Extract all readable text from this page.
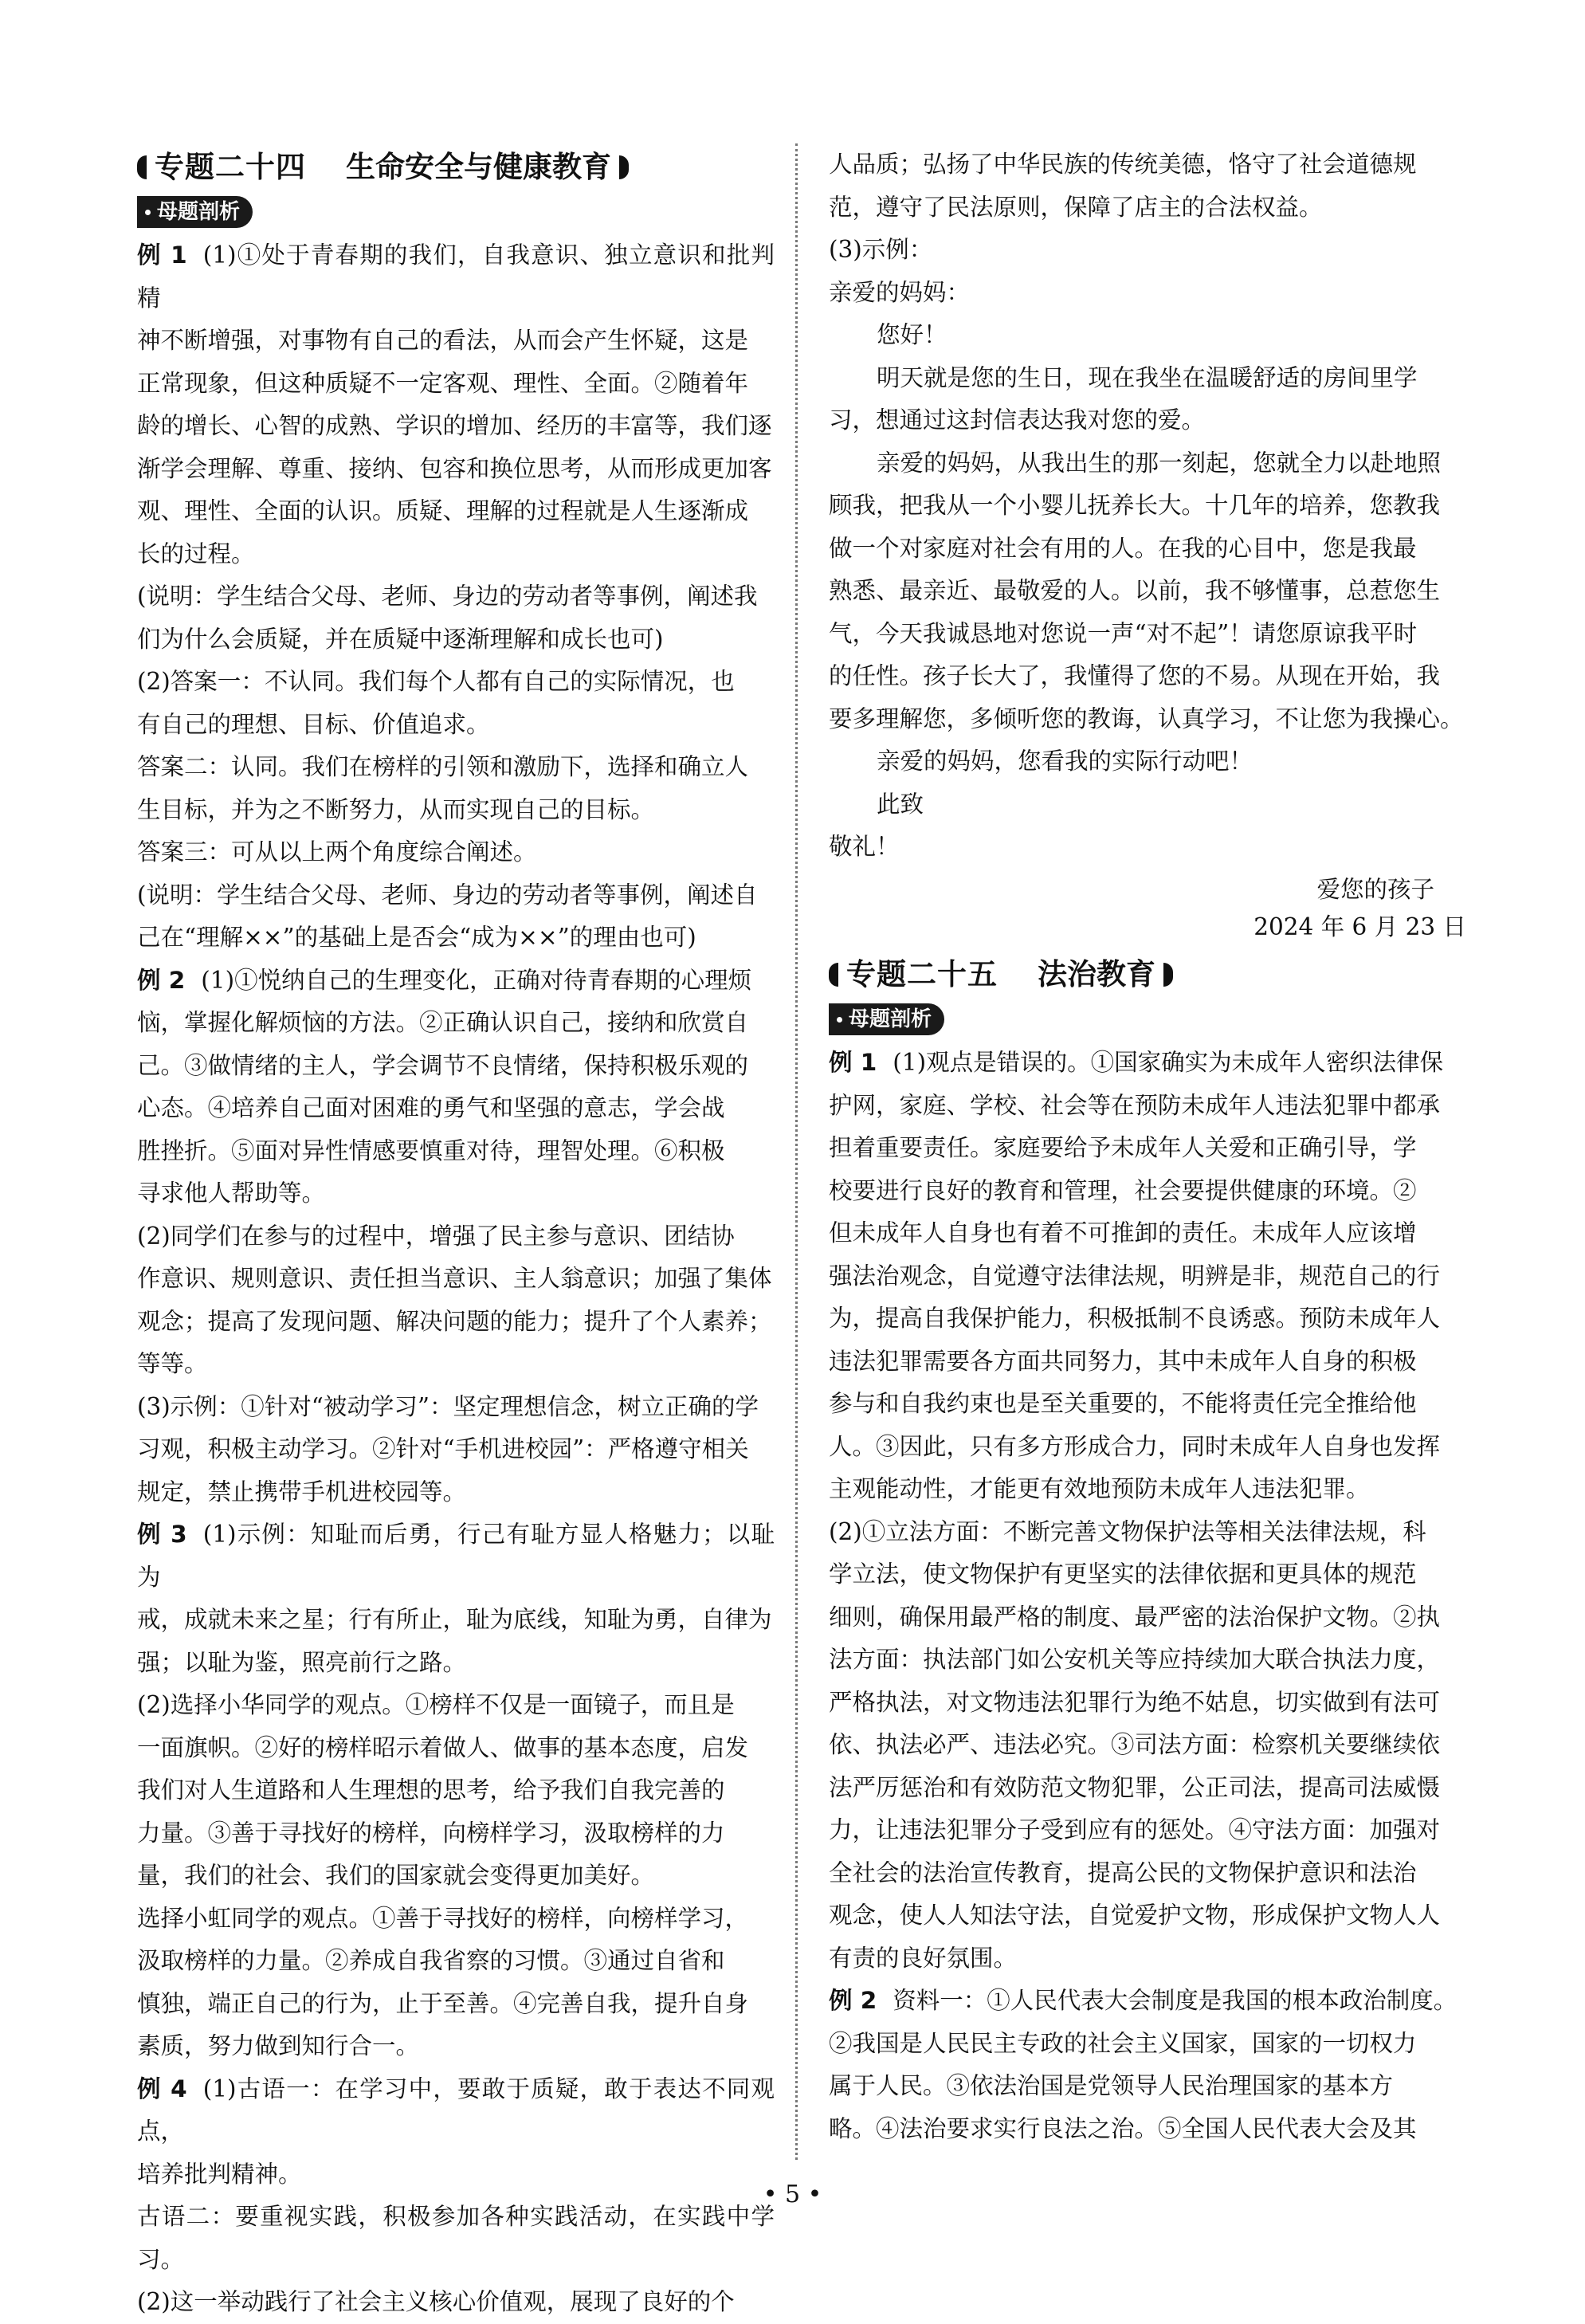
专题二十四 生命安全与健康教育
母题剖析

例 1 (1)①处于青春期的我们，自我意识、独立意识和批判精

神不断增强，对事物有自己的看法，从而会产生怀疑，这是

正常现象，但这种质疑不一定客观、理性、全面。②随着年

龄的增长、心智的成熟、学识的增加、经历的丰富等，我们逐

渐学会理解、尊重、接纳、包容和换位思考，从而形成更加客

观、理性、全面的认识。质疑、理解的过程就是人生逐渐成

长的过程。

(说明：学生结合父母、老师、身边的劳动者等事例，阐述我

们为什么会质疑，并在质疑中逐渐理解和成长也可)

(2)答案一：不认同。我们每个人都有自己的实际情况，也

有自己的理想、目标、价值追求。

答案二：认同。我们在榜样的引领和激励下，选择和确立人

生目标，并为之不断努力，从而实现自己的目标。

答案三：可从以上两个角度综合阐述。

(说明：学生结合父母、老师、身边的劳动者等事例，阐述自

己在“理解××”的基础上是否会“成为××”的理由也可)

例 2 (1)①悦纳自己的生理变化，正确对待青春期的心理烦

恼，掌握化解烦恼的方法。②正确认识自己，接纳和欣赏自

己。③做情绪的主人，学会调节不良情绪，保持积极乐观的

心态。④培养自己面对困难的勇气和坚强的意志，学会战

胜挫折。⑤面对异性情感要慎重对待，理智处理。⑥积极

寻求他人帮助等。

(2)同学们在参与的过程中，增强了民主参与意识、团结协

作意识、规则意识、责任担当意识、主人翁意识；加强了集体

观念；提高了发现问题、解决问题的能力；提升了个人素养；

等等。

(3)示例：①针对“被动学习”：坚定理想信念，树立正确的学

习观，积极主动学习。②针对“手机进校园”：严格遵守相关

规定，禁止携带手机进校园等。

例 3 (1)示例：知耻而后勇，行己有耻方显人格魅力；以耻为

戒，成就未来之星；行有所止，耻为底线，知耻为勇，自律为

强；以耻为鉴，照亮前行之路。

(2)选择小华同学的观点。①榜样不仅是一面镜子，而且是

一面旗帜。②好的榜样昭示着做人、做事的基本态度，启发

我们对人生道路和人生理想的思考，给予我们自我完善的

力量。③善于寻找好的榜样，向榜样学习，汲取榜样的力

量，我们的社会、我们的国家就会变得更加美好。

选择小虹同学的观点。①善于寻找好的榜样，向榜样学习，

汲取榜样的力量。②养成自我省察的习惯。③通过自省和

慎独，端正自己的行为，止于至善。④完善自我，提升自身

素质，努力做到知行合一。

例 4 (1)古语一：在学习中，要敢于质疑，敢于表达不同观点，

培养批判精神。

古语二：要重视实践，积极参加各种实践活动，在实践中学习。

(2)这一举动践行了社会主义核心价值观，展现了良好的个

人品质；弘扬了中华民族的传统美德，恪守了社会道德规

范，遵守了民法原则，保障了店主的合法权益。

(3)示例：

亲爱的妈妈：

您好！

明天就是您的生日，现在我坐在温暖舒适的房间里学

习，想通过这封信表达我对您的爱。

亲爱的妈妈，从我出生的那一刻起，您就全力以赴地照

顾我，把我从一个小婴儿抚养长大。十几年的培养，您教我

做一个对家庭对社会有用的人。在我的心目中，您是我最

熟悉、最亲近、最敬爱的人。以前，我不够懂事，总惹您生

气，今天我诚恳地对您说一声“对不起”！请您原谅我平时

的任性。孩子长大了，我懂得了您的不易。从现在开始，我

要多理解您，多倾听您的教诲，认真学习，不让您为我操心。

亲爱的妈妈，您看我的实际行动吧！

此致

敬礼！

爱您的孩子

2024 年 6 月 23 日

专题二十五 法治教育
母题剖析

例 1 (1)观点是错误的。①国家确实为未成年人密织法律保

护网，家庭、学校、社会等在预防未成年人违法犯罪中都承

担着重要责任。家庭要给予未成年人关爱和正确引导，学

校要进行良好的教育和管理，社会要提供健康的环境。②

但未成年人自身也有着不可推卸的责任。未成年人应该增

强法治观念，自觉遵守法律法规，明辨是非，规范自己的行

为，提高自我保护能力，积极抵制不良诱惑。预防未成年人

违法犯罪需要各方面共同努力，其中未成年人自身的积极

参与和自我约束也是至关重要的，不能将责任完全推给他

人。③因此，只有多方形成合力，同时未成年人自身也发挥

主观能动性，才能更有效地预防未成年人违法犯罪。

(2)①立法方面：不断完善文物保护法等相关法律法规，科

学立法，使文物保护有更坚实的法律依据和更具体的规范

细则，确保用最严格的制度、最严密的法治保护文物。②执

法方面：执法部门如公安机关等应持续加大联合执法力度，

严格执法，对文物违法犯罪行为绝不姑息，切实做到有法可

依、执法必严、违法必究。③司法方面：检察机关要继续依

法严厉惩治和有效防范文物犯罪，公正司法，提高司法威慑

力，让违法犯罪分子受到应有的惩处。④守法方面：加强对

全社会的法治宣传教育，提高公民的文物保护意识和法治

观念，使人人知法守法，自觉爱护文物，形成保护文物人人

有责的良好氛围。

例 2 资料一：①人民代表大会制度是我国的根本政治制度。

②我国是人民民主专政的社会主义国家，国家的一切权力

属于人民。③依法治国是党领导人民治理国家的基本方

略。④法治要求实行良法之治。⑤全国人民代表大会及其

• 5 •
